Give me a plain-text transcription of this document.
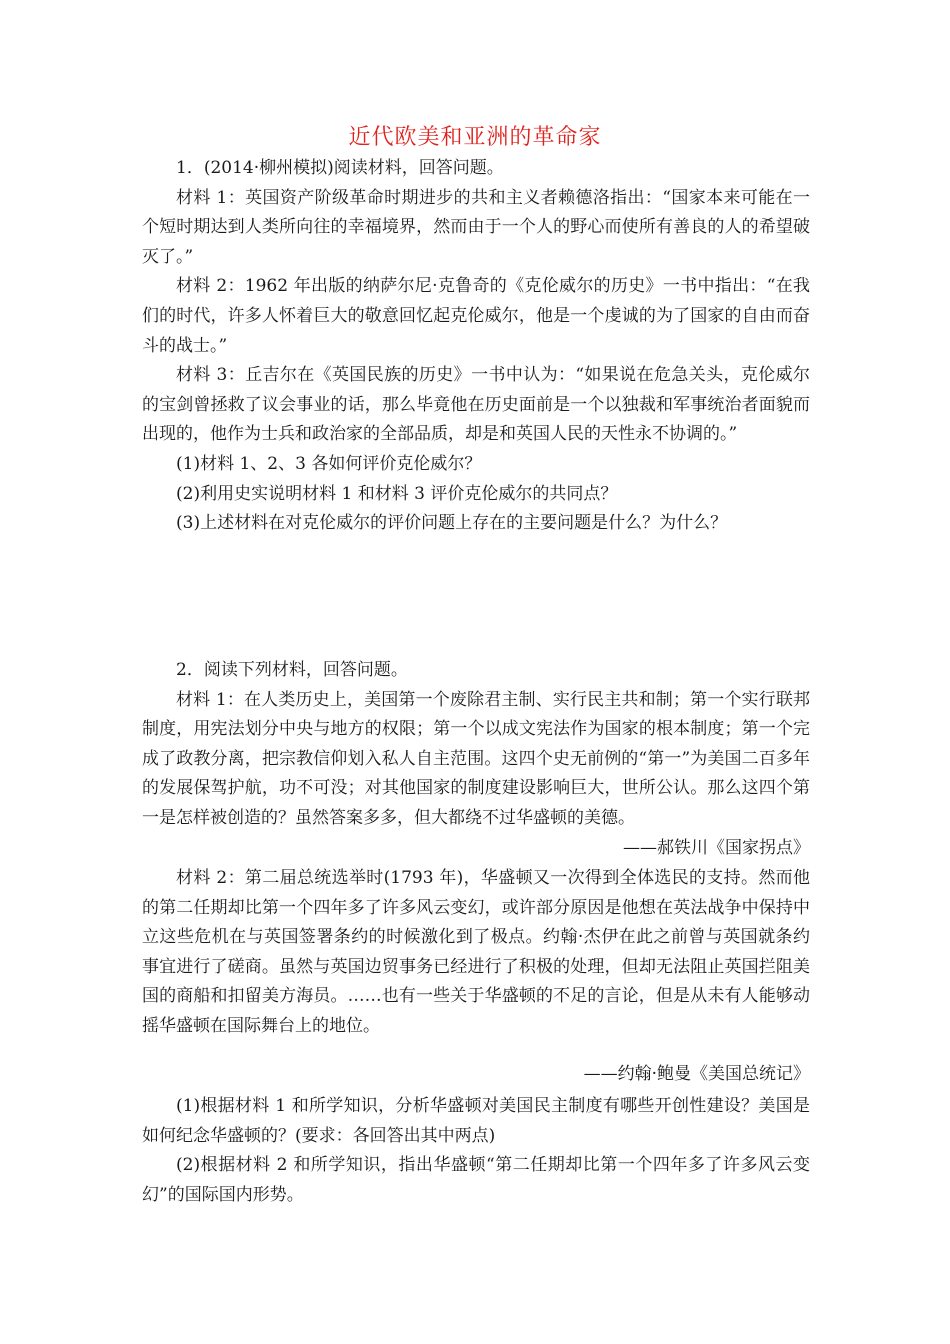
近代欧美和亚洲的革命家

1．(2014·柳州模拟)阅读材料，回答问题。

材料 1：英国资产阶级革命时期进步的共和主义者赖德洛指出：“国家本来可能在一个短时期达到人类所向往的幸福境界，然而由于一个人的野心而使所有善良的人的希望破灭了。”

材料 2：1962 年出版的纳萨尔尼·克鲁奇的《克伦威尔的历史》一书中指出：“在我们的时代，许多人怀着巨大的敬意回忆起克伦威尔，他是一个虔诚的为了国家的自由而奋斗的战士。”

材料 3：丘吉尔在《英国民族的历史》一书中认为：“如果说在危急关头，克伦威尔的宝剑曾拯救了议会事业的话，那么毕竟他在历史面前是一个以独裁和军事统治者面貌而出现的，他作为士兵和政治家的全部品质，却是和英国人民的天性永不协调的。”

(1)材料 1、2、3 各如何评价克伦威尔？

(2)利用史实说明材料 1 和材料 3 评价克伦威尔的共同点？

(3)上述材料在对克伦威尔的评价问题上存在的主要问题是什么？为什么？

2．阅读下列材料，回答问题。

材料 1：在人类历史上，美国第一个废除君主制、实行民主共和制；第一个实行联邦制度，用宪法划分中央与地方的权限；第一个以成文宪法作为国家的根本制度；第一个完成了政教分离，把宗教信仰划入私人自主范围。这四个史无前例的“第一”为美国二百多年的发展保驾护航，功不可没；对其他国家的制度建设影响巨大，世所公认。那么这四个第一是怎样被创造的？虽然答案多多，但大都绕不过华盛顿的美德。

——郝铁川《国家拐点》

材料 2：第二届总统选举时(1793 年)，华盛顿又一次得到全体选民的支持。然而他的第二任期却比第一个四年多了许多风云变幻，或许部分原因是他想在英法战争中保持中立这些危机在与英国签署条约的时候激化到了极点。约翰·杰伊在此之前曾与英国就条约事宜进行了磋商。虽然与英国边贸事务已经进行了积极的处理，但却无法阻止英国拦阻美国的商船和扣留美方海员。……也有一些关于华盛顿的不足的言论，但是从未有人能够动摇华盛顿在国际舞台上的地位。

——约翰·鲍曼《美国总统记》

(1)根据材料 1 和所学知识，分析华盛顿对美国民主制度有哪些开创性建设？美国是如何纪念华盛顿的？(要求：各回答出其中两点)

(2)根据材料 2 和所学知识，指出华盛顿“第二任期却比第一个四年多了许多风云变幻”的国际国内形势。
